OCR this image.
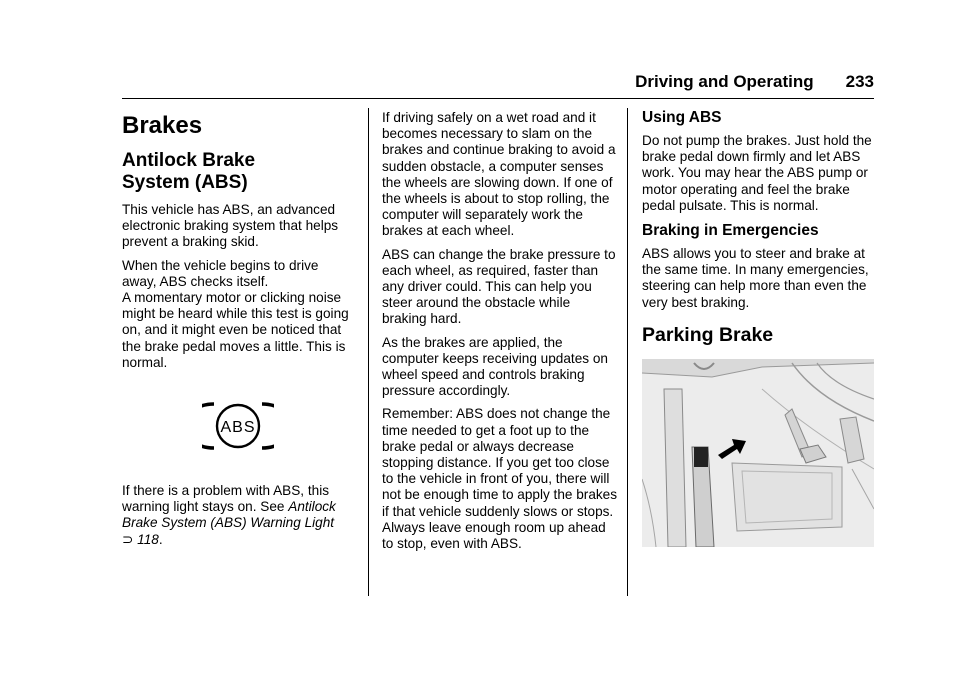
Driving and Operating 233
Brakes
Antilock Brake
System (ABS)

This vehicle has ABS, an advanced electronic braking system that helps prevent a braking skid.

When the vehicle begins to drive away, ABS checks itself.
A momentary motor or clicking noise might be heard while this test is going on, and it might even be noticed that the brake pedal moves a little. This is normal.

ABS

If there is a problem with ABS, this warning light stays on. See Antilock Brake System (ABS) Warning Light
⊃ 118.

If driving safely on a wet road and it becomes necessary to slam on the brakes and continue braking to avoid a sudden obstacle, a computer senses the wheels are slowing down. If one of the wheels is about to stop rolling, the computer will separately work the brakes at each wheel.

ABS can change the brake pressure to each wheel, as required, faster than any driver could. This can help you steer around the obstacle while braking hard.

As the brakes are applied, the computer keeps receiving updates on wheel speed and controls braking pressure accordingly.

Remember: ABS does not change the time needed to get a foot up to the brake pedal or always decrease stopping distance. If you get too close to the vehicle in front of you, there will not be enough time to apply the brakes if that vehicle suddenly slows or stops. Always leave enough room up ahead to stop, even with ABS.

Using ABS

Do not pump the brakes. Just hold the brake pedal down firmly and let ABS work. You may hear the ABS pump or motor operating and feel the brake pedal pulsate. This is normal.

Braking in Emergencies

ABS allows you to steer and brake at the same time. In many emergencies, steering can help more than even the very best braking.

Parking Brake
